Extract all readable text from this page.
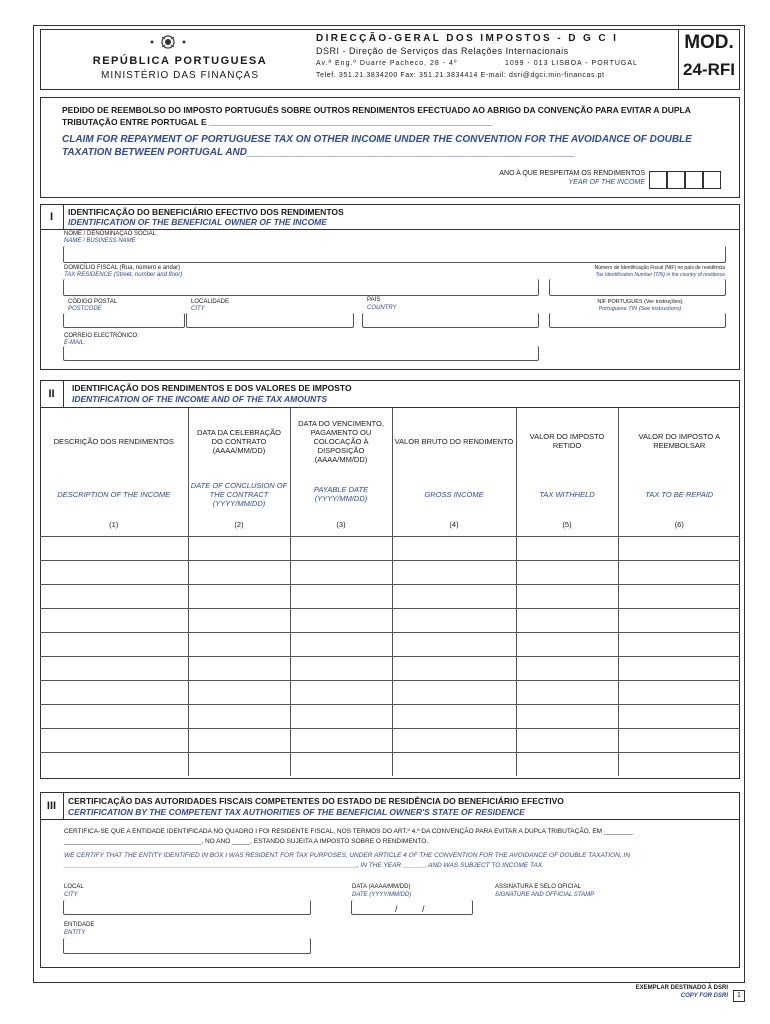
REPÚBLICA PORTUGUESA
MINISTÉRIO DAS FINANÇAS
DIRECÇÃO-GERAL DOS IMPOSTOS - D G C I
DSRI - Direção de Serviços das Relações Internacionais
Av.ª Eng.º Duarte Pacheco, 28 - 4º	1099 - 013 LISBOA - PORTUGAL
Telef. 351.21.3834200 Fax: 351.21.3834414 E-mail: dsri@dgci.min-financas.pt
MOD.
24-RFI
PEDIDO DE REEMBOLSO DO IMPOSTO PORTUGUÊS SOBRE OUTROS RENDIMENTOS EFECTUADO AO ABRIGO DA CONVENÇÃO PARA EVITAR A DUPLA TRIBUTAÇÃO ENTRE PORTUGAL E ____________________________________________________________
CLAIM FOR REPAYMENT OF PORTUGUESE TAX ON OTHER INCOME UNDER THE CONVENTION FOR THE AVOIDANCE OF DOUBLE TAXATION BETWEEN PORTUGAL AND___________________________________________________________
ANO A QUE RESPEITAM OS RENDIMENTOS
YEAR OF THE INCOME
I	IDENTIFICAÇÃO DO BENEFICIÁRIO EFECTIVO DOS RENDIMENTOS
IDENTIFICATION OF THE BENEFICIAL OWNER OF THE INCOME
NOME / DENOMINAÇÃO SOCIAL
NAME / BUSINESS NAME
DOMICÍLIO FISCAL (Rua, número e andar)
TAX RESIDENCE (Street, number and floor)
Número de Identificação Fiscal (NIF) no país de residência
Tax Identification Number (TIN) in the country of residence
CÓDIGO POSTAL
POSTCODE
LOCALIDADE
CITY
PAÍS
COUNTRY
NIF PORTUGUÊS (Ver instruções)
Portuguese TIN (See instructions)
CORREIO ELECTRÓNICO:
E-MAIL:
II	IDENTIFICAÇÃO DOS RENDIMENTOS E DOS VALORES DE IMPOSTO
IDENTIFICATION OF THE INCOME AND OF THE TAX AMOUNTS
DESCRIÇÃO DOS RENDIMENTOS	DATA DA CELEBRAÇÃO DO CONTRATO (AAAA/MM/DD)	DATA DO VENCIMENTO, PAGAMENTO OU COLOCAÇÃO À DISPOSIÇÃO (AAAA/MM/DD)	VALOR BRUTO DO RENDIMENTO	VALOR DO IMPOSTO RETIDO	VALOR DO IMPOSTO A REEMBOLSAR
DESCRIPTION OF THE INCOME	DATE OF CONCLUSION OF THE CONTRACT (YYYY/MM/DD)	PAYABLE DATE (YYYY/MM/DD)	GROSS INCOME	TAX WITHHELD	TAX TO BE REPAID
(1)	(2)	(3)	(4)	(5)	(6)

III	CERTIFICAÇÃO DAS AUTORIDADES FISCAIS COMPETENTES DO ESTADO DE RESIDÊNCIA DO BENEFICIÁRIO EFECTIVO
CERTIFICATION BY THE COMPETENT TAX AUTHORITIES OF THE BENEFICIAL OWNER'S STATE OF RESIDENCE
CERTIFICA-SE QUE A ENTIDADE IDENTIFICADA NO QUADRO I FOI RESIDENTE FISCAL, NOS TERMOS DO ART.º 4.º DA CONVENÇÃO PARA EVITAR A DUPLA TRIBUTAÇÃO, EM ________ ______________________________________, NO ANO _____, ESTANDO SUJEITA A IMPOSTO SOBRE O RENDIMENTO.
WE CERTIFY THAT THE ENTITY IDENTIFIED IN BOX I WAS RESIDENT FOR TAX PURPOSES, UNDER ARTICLE 4 OF THE CONVENTION FOR THE AVOIDANCE OF DOUBLE TAXATION, IN _________________________________________________________________________________, IN THE YEAR ______, AND WAS SUBJECT TO INCOME TAX.
LOCAL
CITY
DATA (AAAA/MM/DD)
DATE (YYYY/MM/DD)
/ /
ASSINATURA E SELO OFICIAL
SIGNATURE AND OFFICIAL STAMP
ENTIDADE
ENTITY
EXEMPLAR DESTINADO À DSRI
COPY FOR DSRI	1
